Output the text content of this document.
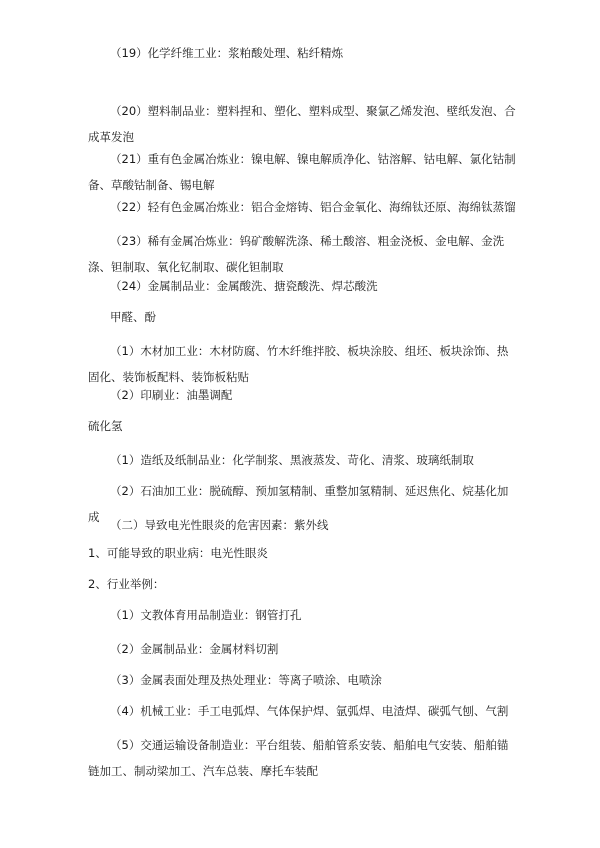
（19）化学纤维工业：浆粕酸处理、粘纤精炼

（20）塑料制品业：塑料捏和、塑化、塑料成型、聚氯乙烯发泡、壁纸发泡、合成革发泡

（21）重有色金属冶炼业：镍电解、镍电解质净化、钴溶解、钴电解、氯化钴制备、草酸钴制备、锡电解

（22）轻有色金属冶炼业：铝合金熔铸、铝合金氧化、海绵钛还原、海绵钛蒸馏

（23）稀有金属冶炼业：钨矿酸解洗涤、稀土酸溶、粗金浇板、金电解、金洗涤、钽制取、氧化钇制取、碳化钽制取

（24）金属制品业：金属酸洗、搪瓷酸洗、焊芯酸洗

甲醛、酚

（1）木材加工业：木材防腐、竹木纤维拌胶、板块涂胶、组坯、板块涂饰、热固化、装饰板配料、装饰板粘贴

（2）印刷业：油墨调配

硫化氢

（1）造纸及纸制品业：化学制浆、黑液蒸发、苛化、清浆、玻璃纸制取

（2）石油加工业：脱硫醇、预加氢精制、重整加氢精制、延迟焦化、烷基化加成

（二）导致电光性眼炎的危害因素：紫外线

1、可能导致的职业病：电光性眼炎

2、行业举例：

（1）文教体育用品制造业：钢管打孔

（2）金属制品业：金属材料切割

（3）金属表面处理及热处理业：等离子喷涂、电喷涂

（4）机械工业：手工电弧焊、气体保护焊、氩弧焊、电渣焊、碳弧气刨、气割

（5）交通运输设备制造业：平台组装、船舶管系安装、船舶电气安装、船舶锚链加工、制动梁加工、汽车总装、摩托车装配
